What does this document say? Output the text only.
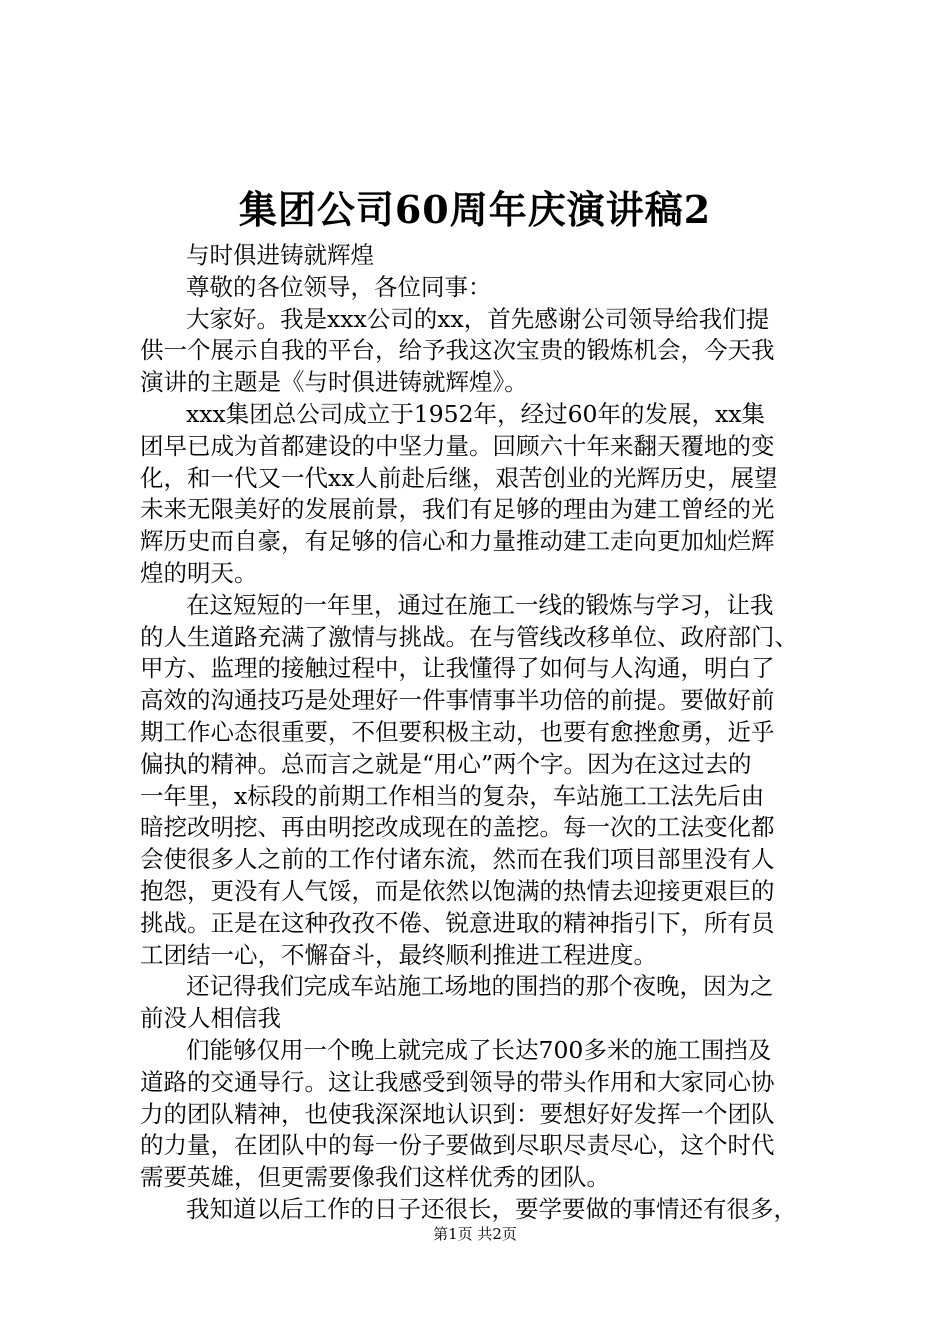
集团公司60周年庆演讲稿2
与时俱进铸就辉煌
尊敬的各位领导，各位同事：
大家好。我是xxx公司的xx，首先感谢公司领导给我们提
供一个展示自我的平台，给予我这次宝贵的锻炼机会，今天我
演讲的主题是《与时俱进铸就辉煌》。
xxx集团总公司成立于1952年，经过60年的发展，xx集
团早已成为首都建设的中坚力量。回顾六十年来翻天覆地的变
化，和一代又一代xx人前赴后继，艰苦创业的光辉历史，展望
未来无限美好的发展前景，我们有足够的理由为建工曾经的光
辉历史而自豪，有足够的信心和力量推动建工走向更加灿烂辉
煌的明天。
在这短短的一年里，通过在施工一线的锻炼与学习，让我
的人生道路充满了激情与挑战。在与管线改移单位、政府部门、
甲方、监理的接触过程中，让我懂得了如何与人沟通，明白了
高效的沟通技巧是处理好一件事情事半功倍的前提。要做好前
期工作心态很重要，不但要积极主动，也要有愈挫愈勇，近乎
偏执的精神。总而言之就是“用心”两个字。因为在这过去的
一年里，x标段的前期工作相当的复杂，车站施工工法先后由
暗挖改明挖、再由明挖改成现在的盖挖。每一次的工法变化都
会使很多人之前的工作付诸东流，然而在我们项目部里没有人
抱怨，更没有人气馁，而是依然以饱满的热情去迎接更艰巨的
挑战。正是在这种孜孜不倦、锐意进取的精神指引下，所有员
工团结一心，不懈奋斗，最终顺利推进工程进度。
还记得我们完成车站施工场地的围挡的那个夜晚，因为之
前没人相信我
们能够仅用一个晚上就完成了长达700多米的施工围挡及
道路的交通导行。这让我感受到领导的带头作用和大家同心协
力的团队精神，也使我深深地认识到：要想好好发挥一个团队
的力量，在团队中的每一份子要做到尽职尽责尽心，这个时代
需要英雄，但更需要像我们这样优秀的团队。
我知道以后工作的日子还很长，要学要做的事情还有很多，
第1页 共2页
